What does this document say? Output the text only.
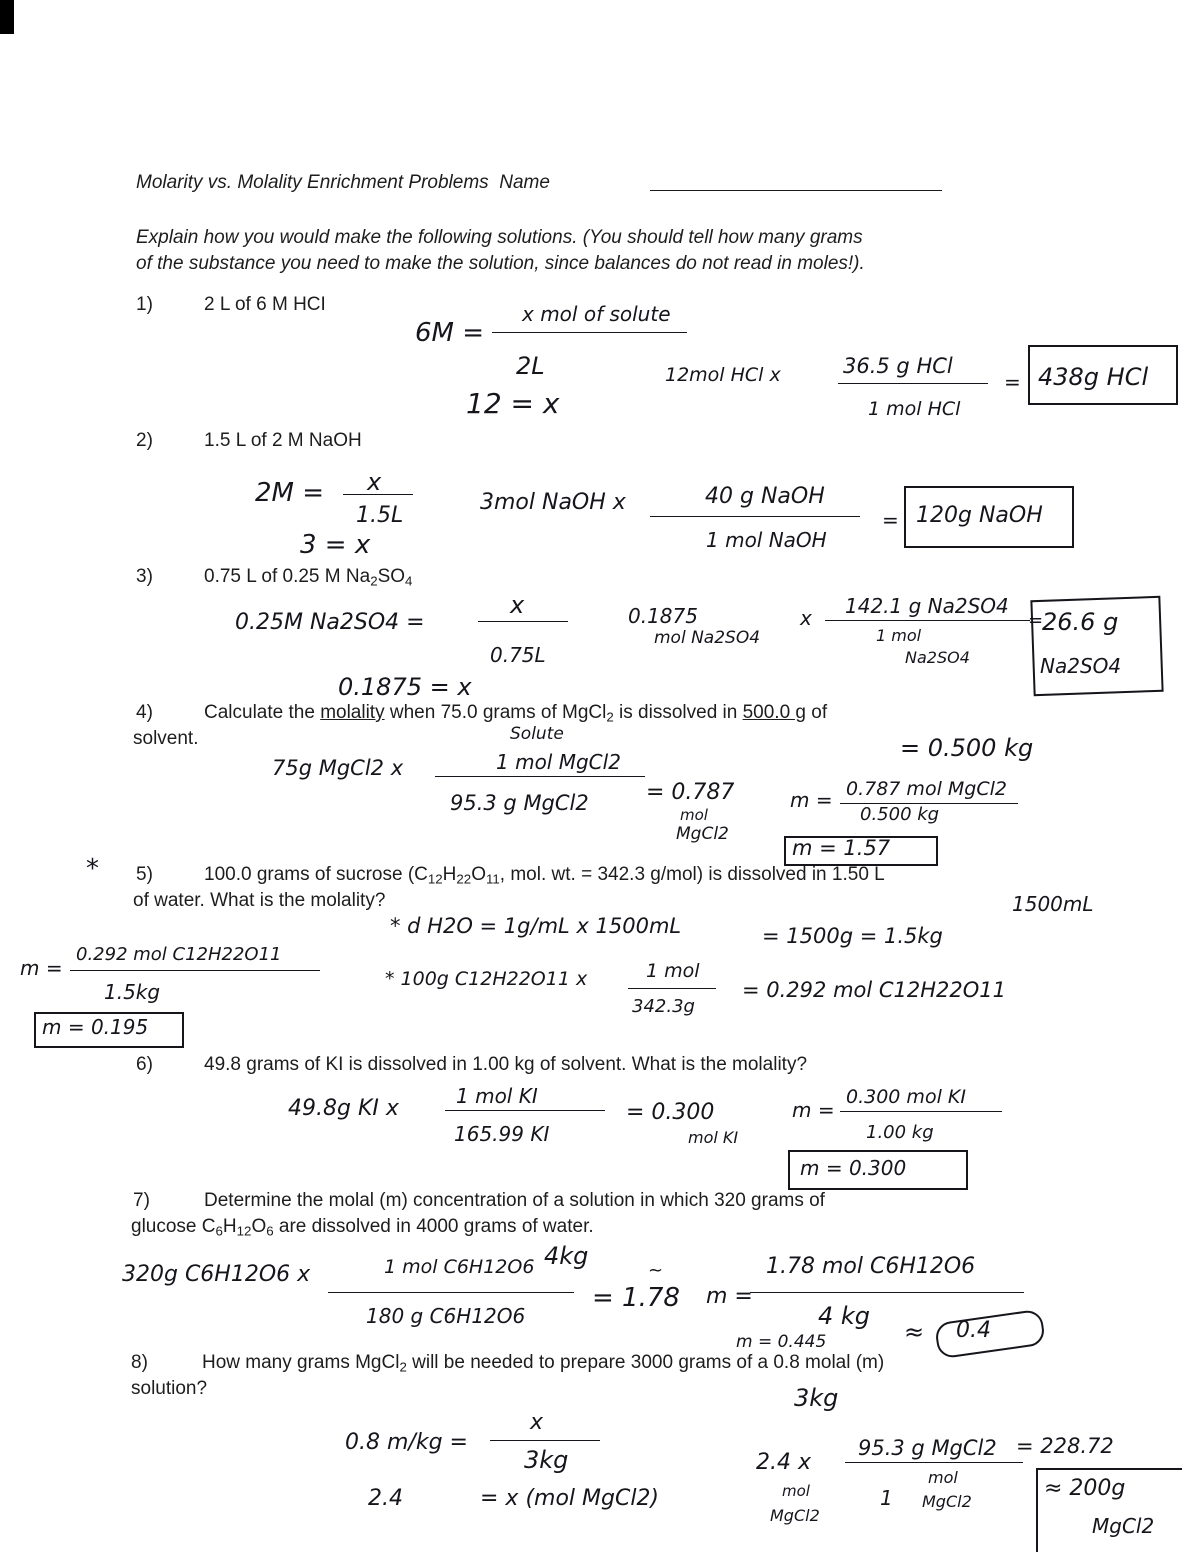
Molarity vs. Molality Enrichment Problems Name
Explain how you would make the following solutions. (You should tell how many grams
of the substance you need to make the solution, since balances do not read in moles!).
1)	2 L of 6 M HCI
2)	1.5 L of 2 M NaOH
3)	0.75 L of 0.25 M $Na_2SO_4$
4)	Calculate the molality when 75.0 grams of MgCl$_2$ is dissolved in 500.0 g of
solvent.
5)	100.0 grams of sucrose ($C_{12}H_{22}O_{11}$, mol. wt. = 342.3 g/mol) is dissolved in 1.50 L
of water. What is the molality?
6)	49.8 grams of KI is dissolved in 1.00 kg of solvent. What is the molality?
7)	Determine the molal (m) concentration of a solution in which 320 grams of
glucose $C_6H_{12}O_6$ are dissolved in 4000 grams of water.
8)	How many grams MgCl$_2$ will be needed to prepare 3000 grams of a 0.8 molal (m)
solution?
6M =
x mol of solute
2L
12 = x
12mol HCl x	36.5 g HCl
1 mol HCl
= 438g HCl
2M = x
1.5L
3 = x
3mol NaOH x	40 g NaOH
1 mol NaOH
= 120g NaOH
0.25M Na2SO4 =
x
0.75L
0.1875 = x
0.1875
mol Na2SO4
x 142.1 g Na2SO4
1 mol
Na2SO4
=
26.6 g
Na2SO4
Solute	= 0.500 kg
75g MgCl2 x	1 mol MgCl2
95.3 g MgCl2	= 0.787
mol
MgCl2
m = 0.787 mol MgCl2
0.500 kg
m = 1.57
*
1500mL
* d H2O = 1g/mL x 1500mL	= 1500g = 1.5kg
* 100g C12H22O11 x	1 mol
342.3g
= 0.292 mol C12H22O11
m =
0.292 mol C12H22O11
1.5kg
m = 0.195
49.8g KI x	1 mol KI
165.99 KI
= 0.300
mol KI
m =
0.300 mol KI
1.00 kg
m = 0.300
4kg
320g C6H12O6 x	1 mol C6H12O6
180 g C6H12O6
~
= 1.78 m =
1.78 mol C6H12O6
4 kg
m = 0.445	≈ 0.4
3kg
0.8 m/kg =
x
3kg
2.4	= x (mol MgCl2)
2.4 x
mol
MgCl2
95.3 g MgCl2
1
mol
MgCl2
= 228.72
≈ 200g
MgCl2
